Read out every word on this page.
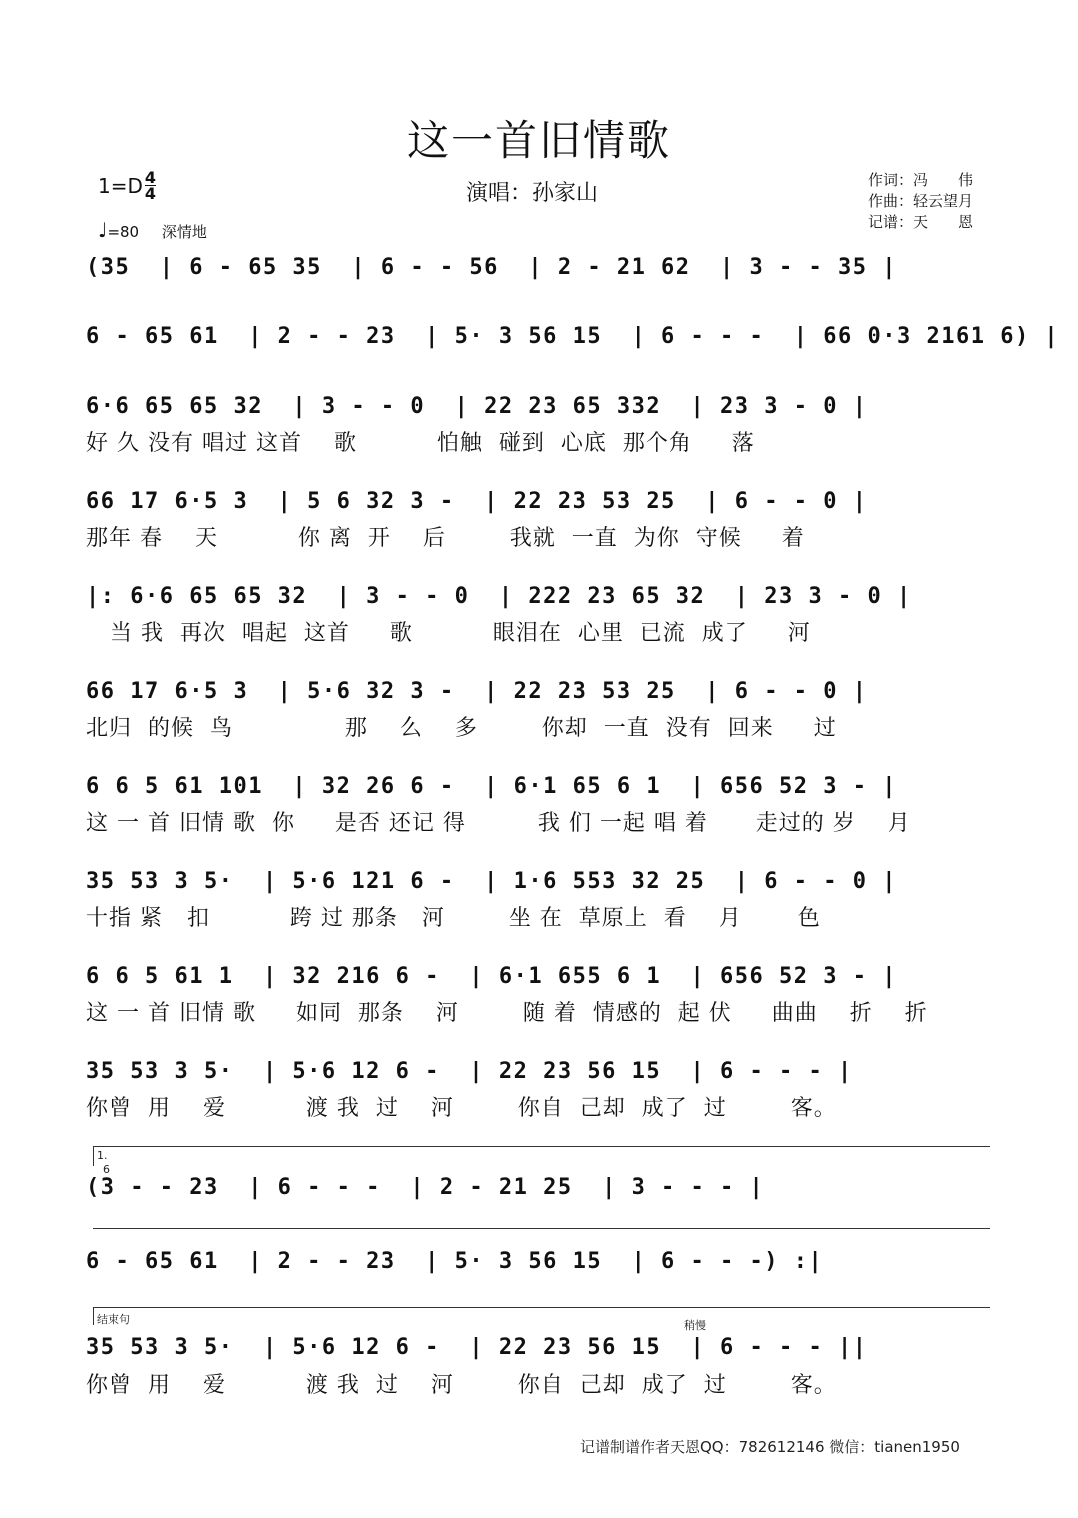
这一首旧情歌
1=D 4
4
♩=80 深情地
演唱：孙家山
作词：冯　　伟
作曲：轻云望月
记谱：天　　恩
(35  | 6 - 65 35  | 6 - - 56  | 2 - 21 62  | 3 - - 35 |
6 - 65 61  | 2 - - 23  | 5· 3 56 15  | 6 - - -  | 66 0·3 2161 6) |
6·6 65 65 32  | 3 - - 0  | 22 23 65 332  | 23 3 - 0 |
好 久 没有 唱过 这首    歌          怕触  碰到  心底  那个角     落
66 17 6·5 3  | 5 6 32 3 -  | 22 23 53 25  | 6 - - 0 |
那年 春    天          你 离  开    后        我就  一直  为你  守候     着
|: 6·6 65 65 32  | 3 - - 0  | 222 23 65 32  | 23 3 - 0 |
当 我  再次  唱起  这首     歌          眼泪在  心里  已流  成了     河
66 17 6·5 3  | 5·6 32 3 -  | 22 23 53 25  | 6 - - 0 |
北归  的候  鸟              那    么    多        你却  一直  没有  回来     过
6 6 5 61 101  | 32 26 6 -  | 6·1 65 6 1  | 656 52 3 - |
这 一 首 旧情 歌  你     是否 还记 得         我 们 一起 唱 着      走过的 岁    月
35 53 3 5·  | 5·6 121 6 -  | 1·6 553 32 25  | 6 - - 0 |
十指 紧   扣          跨 过 那条   河        坐 在  草原上  看    月       色
6 6 5 61 1  | 32 216 6 -  | 6·1 655 6 1  | 656 52 3 - |
这 一 首 旧情 歌     如同  那条    河        随 着  情感的  起 伏     曲曲    折    折
35 53 3 5·  | 5·6 12 6 -  | 22 23 56 15  | 6 - - - |
你曾  用    爱          渡 我  过    河        你自  己却  成了  过        客。
1.
6
(3 - - 23  | 6 - - -  | 2 - 21 25  | 3 - - - |
6 - 65 61  | 2 - - 23  | 5· 3 56 15  | 6 - - -) :|
结束句	稍慢
35 53 3 5·  | 5·6 12 6 -  | 22 23 56 15  | 6 - - - ||
你曾  用    爱          渡 我  过    河        你自  己却  成了  过        客。
记谱制谱作者天恩QQ：782612146 微信：tianen1950
